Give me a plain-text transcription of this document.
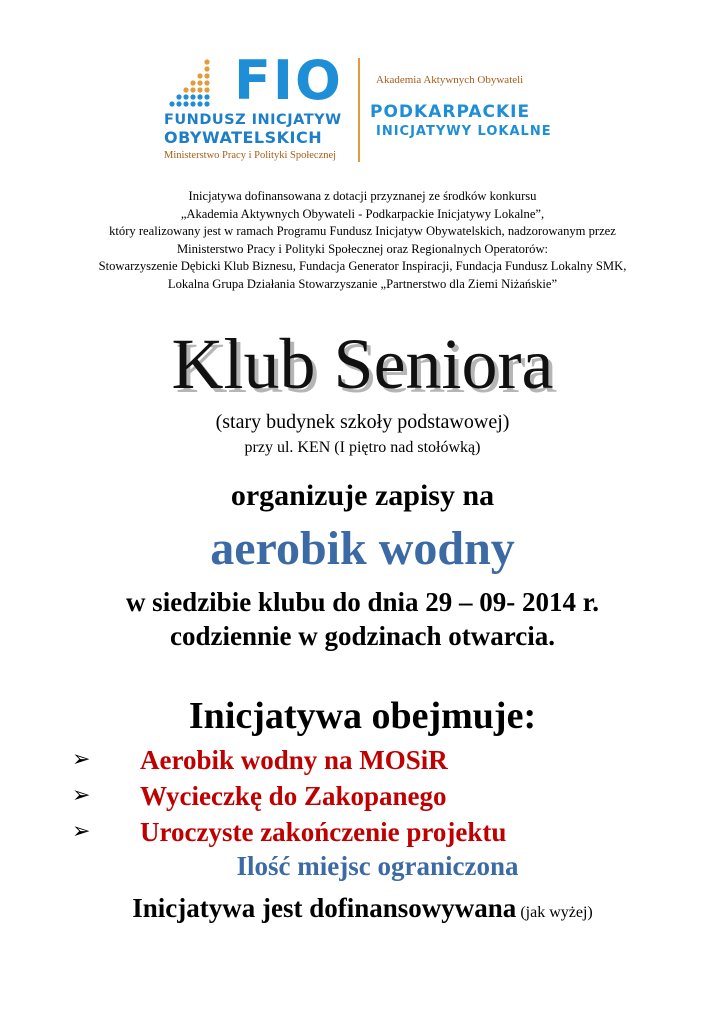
FIO
FUNDUSZ INICJATYW
OBYWATELSKICH
Ministerstwo Pracy i Polityki Społecznej
Akademia Aktywnych Obywateli
PODKARPACKIE
INICJATYWY LOKALNE
Inicjatywa dofinansowana z dotacji przyznanej ze środków konkursu
„Akademia Aktywnych Obywateli - Podkarpackie Inicjatywy Lokalne”,
który realizowany jest w ramach Programu Fundusz Inicjatyw Obywatelskich, nadzorowanym przez
Ministerstwo Pracy i Polityki Społecznej oraz Regionalnych Operatorów:
Stowarzyszenie Dębicki Klub Biznesu, Fundacja Generator Inspiracji, Fundacja Fundusz Lokalny SMK,
Lokalna Grupa Działania Stowarzyszanie „Partnerstwo dla Ziemi Niżańskie”
Klub Seniora
(stary budynek szkoły podstawowej)
przy ul. KEN (I piętro nad stołówką)
organizuje zapisy na
aerobik wodny
w siedzibie klubu do dnia 29 – 09- 2014 r.
codziennie w godzinach otwarcia.
Inicjatywa obejmuje:
➢ Aerobik wodny na MOSiR
➢ Wycieczkę do Zakopanego
➢ Uroczyste zakończenie projektu
Ilość miejsc ograniczona
Inicjatywa jest dofinansowywana (jak wyżej)
